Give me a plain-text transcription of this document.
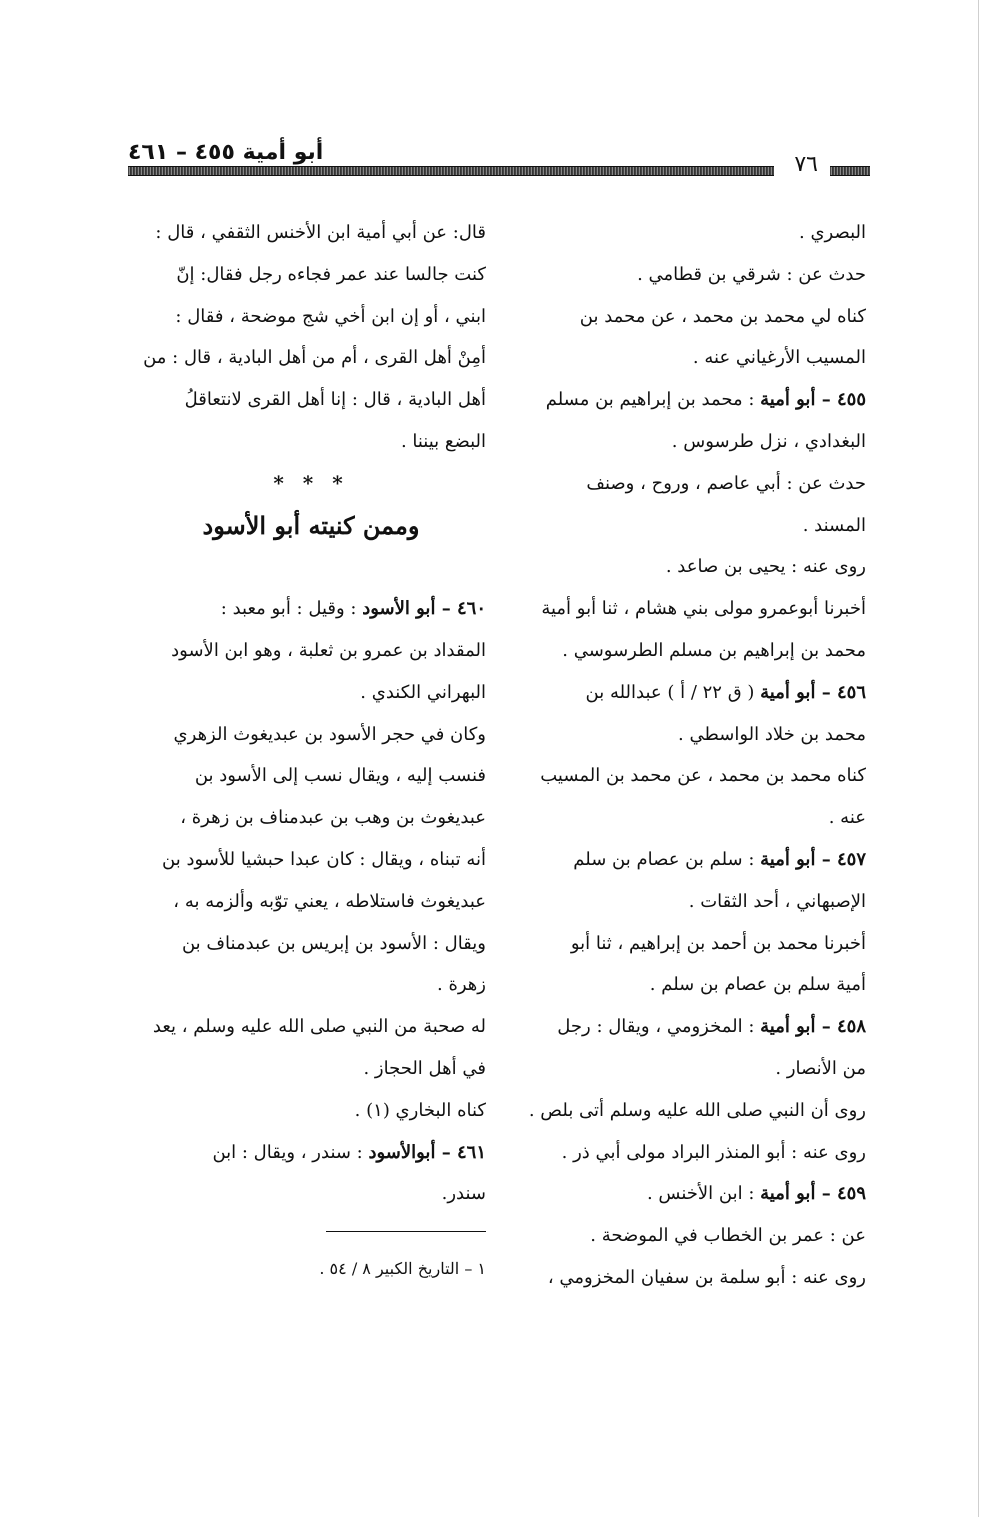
أبو أمية ٤٥٥ – ٤٦١	٧٦
البصري .
حدث عن : شرقي بن قطامي .
كناه لي محمد بن محمد ، عن محمد بن
المسيب الأرغياني عنه .
٤٥٥ – أبو أمية : محمد بن إبراهيم بن مسلم
البغدادي ، نزل طرسوس .
حدث عن : أبي عاصم ، وروح ، وصنف
المسند .
روى عنه : يحيى بن صاعد .
أخبرنا أبوعمرو مولى بني هشام ، ثنا أبو أمية
محمد بن إبراهيم بن مسلم الطرسوسي .
٤٥٦ – أبو أمية ( ق ٢٢ / أ ) عبدالله بن
محمد بن خلاد الواسطي .
كناه محمد بن محمد ، عن محمد بن المسيب
عنه .
٤٥٧ – أبو أمية : سلم بن عصام بن سلم
الإصبهاني ، أحد الثقات .
أخبرنا محمد بن أحمد بن إبراهيم ، ثنا أبو
أمية سلم بن عصام بن سلم .
٤٥٨ – أبو أمية : المخزومي ، ويقال : رجل
من الأنصار .
روى أن النبي صلى الله عليه وسلم أتى بلص .
روى عنه : أبو المنذر البراد مولى أبي ذر .
٤٥٩ – أبو أمية : ابن الأخنس .
عن : عمر بن الخطاب في الموضحة .
روى عنه : أبو سلمة بن سفيان المخزومي ،
قال: عن أبي أمية ابن الأخنس الثقفي ، قال :
كنت جالسا عند عمر فجاءه رجل فقال: إنّ
ابني ، أو إن ابن أخي شج موضحة ، فقال :
أمِنْ أهل القرى ، أم من أهل البادية ، قال : من
أهل البادية ، قال : إنا أهل القرى لانتعاقلُ
البضع بيننا .
* * *
وممن كنيته أبو الأسود
٤٦٠ – أبو الأسود : وقيل : أبو معبد :
المقداد بن عمرو بن ثعلبة ، وهو ابن الأسود
البهراني الكندي .
وكان في حجر الأسود بن عبديغوث الزهري
فنسب إليه ، ويقال نسب إلى الأسود بن
عبديغوث بن وهب بن عبدمناف بن زهرة ،
أنه تبناه ، ويقال : كان عبدا حبشيا للأسود بن
عبديغوث فاستلاطه ، يعني توّبه وألزمه به ،
ويقال : الأسود بن إبريس بن عبدمناف بن
زهرة .
له صحبة من النبي صلى الله عليه وسلم ، يعد
في أهل الحجاز .
كناه البخاري (١) .
٤٦١ – أبوالأسود : سندر ، ويقال : ابن
سندر.
١ – التاريخ الكبير ٨ / ٥٤ .
